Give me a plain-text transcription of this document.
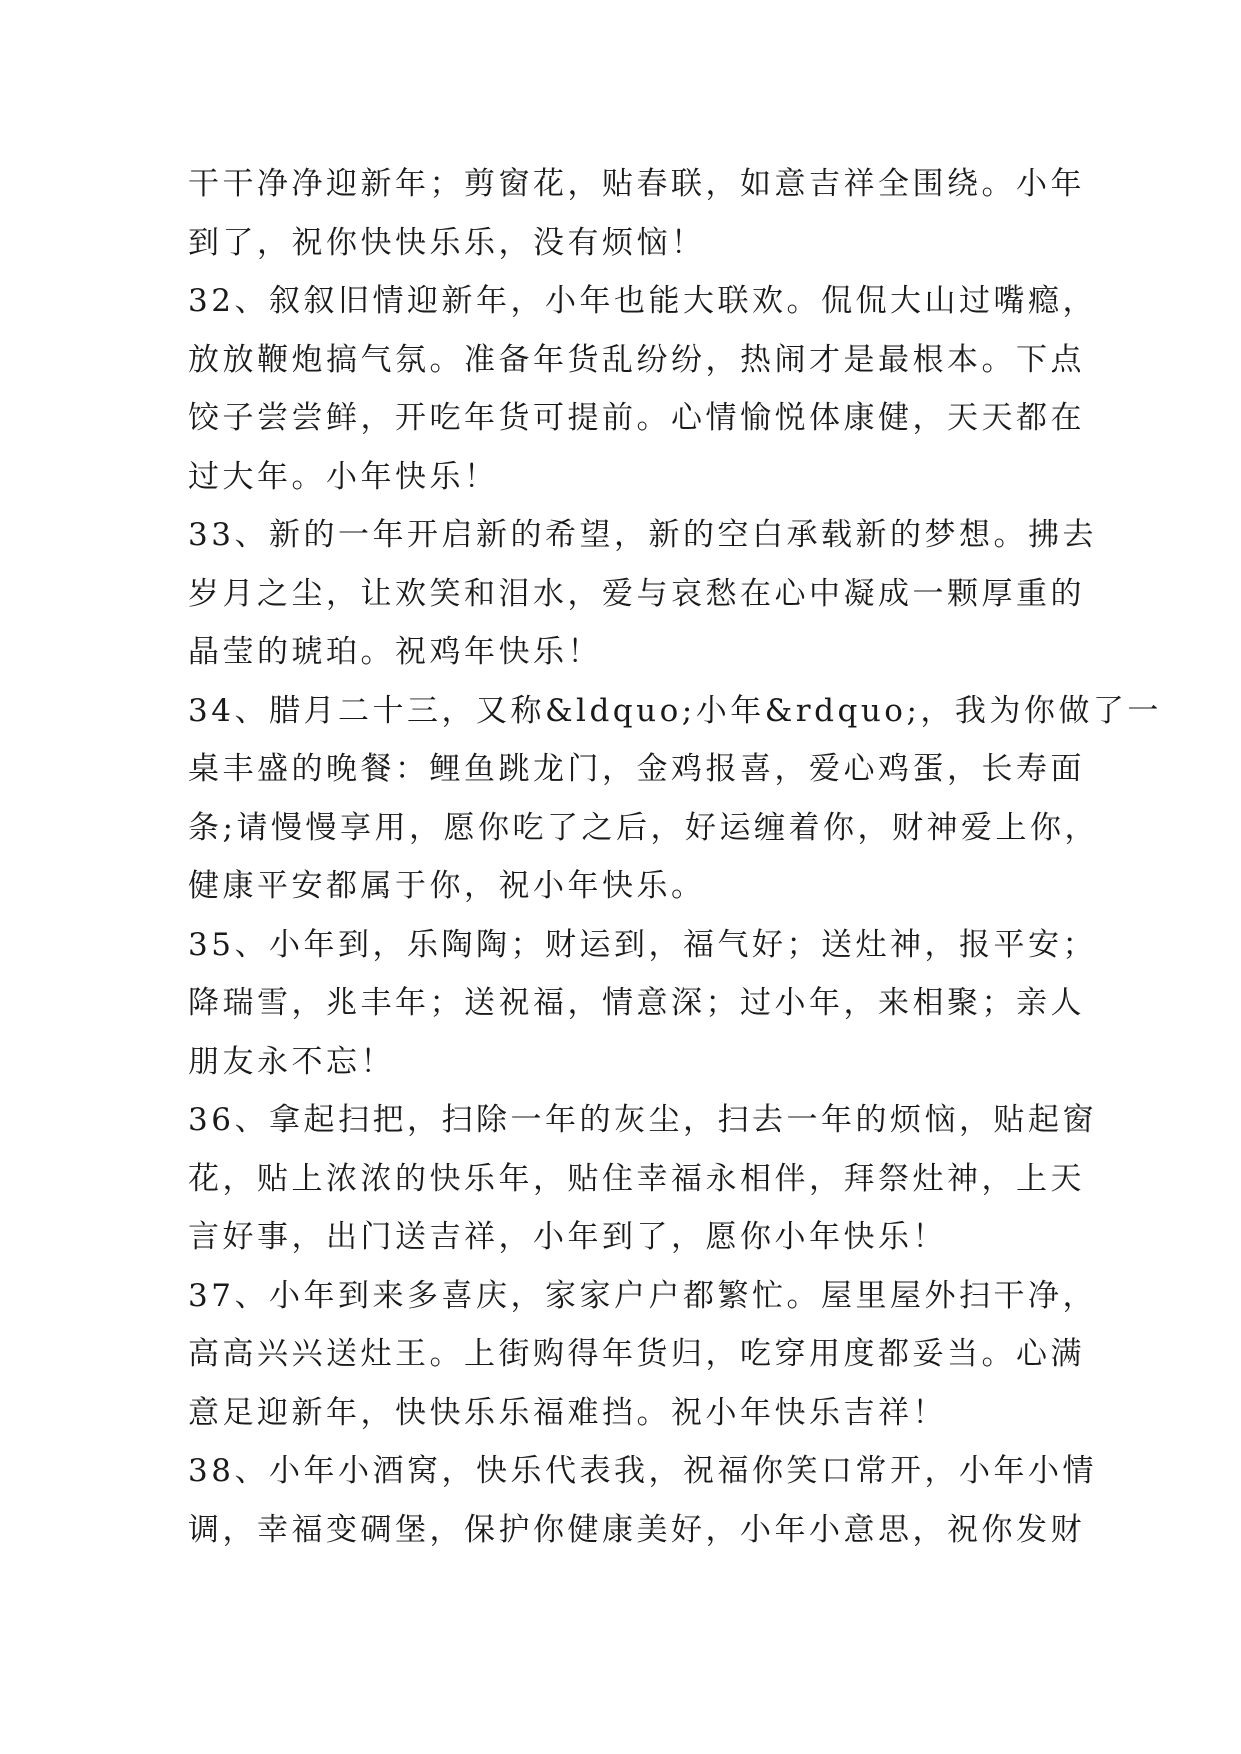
干干净净迎新年；剪窗花，贴春联，如意吉祥全围绕。小年
到了，祝你快快乐乐，没有烦恼！
32、叙叙旧情迎新年，小年也能大联欢。侃侃大山过嘴瘾，
放放鞭炮搞气氛。准备年货乱纷纷，热闹才是最根本。下点
饺子尝尝鲜，开吃年货可提前。心情愉悦体康健，天天都在
过大年。小年快乐！
33、新的一年开启新的希望，新的空白承载新的梦想。拂去
岁月之尘，让欢笑和泪水，爱与哀愁在心中凝成一颗厚重的
晶莹的琥珀。祝鸡年快乐！
34、腊月二十三，又称&ldquo;小年&rdquo;，我为你做了一
桌丰盛的晚餐：鲤鱼跳龙门，金鸡报喜，爱心鸡蛋，长寿面
条;请慢慢享用，愿你吃了之后，好运缠着你，财神爱上你，
健康平安都属于你，祝小年快乐。
35、小年到，乐陶陶；财运到，福气好；送灶神，报平安；
降瑞雪，兆丰年；送祝福，情意深；过小年，来相聚；亲人
朋友永不忘！
36、拿起扫把，扫除一年的灰尘，扫去一年的烦恼，贴起窗
花，贴上浓浓的快乐年，贴住幸福永相伴，拜祭灶神，上天
言好事，出门送吉祥，小年到了，愿你小年快乐！
37、小年到来多喜庆，家家户户都繁忙。屋里屋外扫干净，
高高兴兴送灶王。上街购得年货归，吃穿用度都妥当。心满
意足迎新年，快快乐乐福难挡。祝小年快乐吉祥！
38、小年小酒窝，快乐代表我，祝福你笑口常开，小年小情
调，幸福变碉堡，保护你健康美好，小年小意思，祝你发财
